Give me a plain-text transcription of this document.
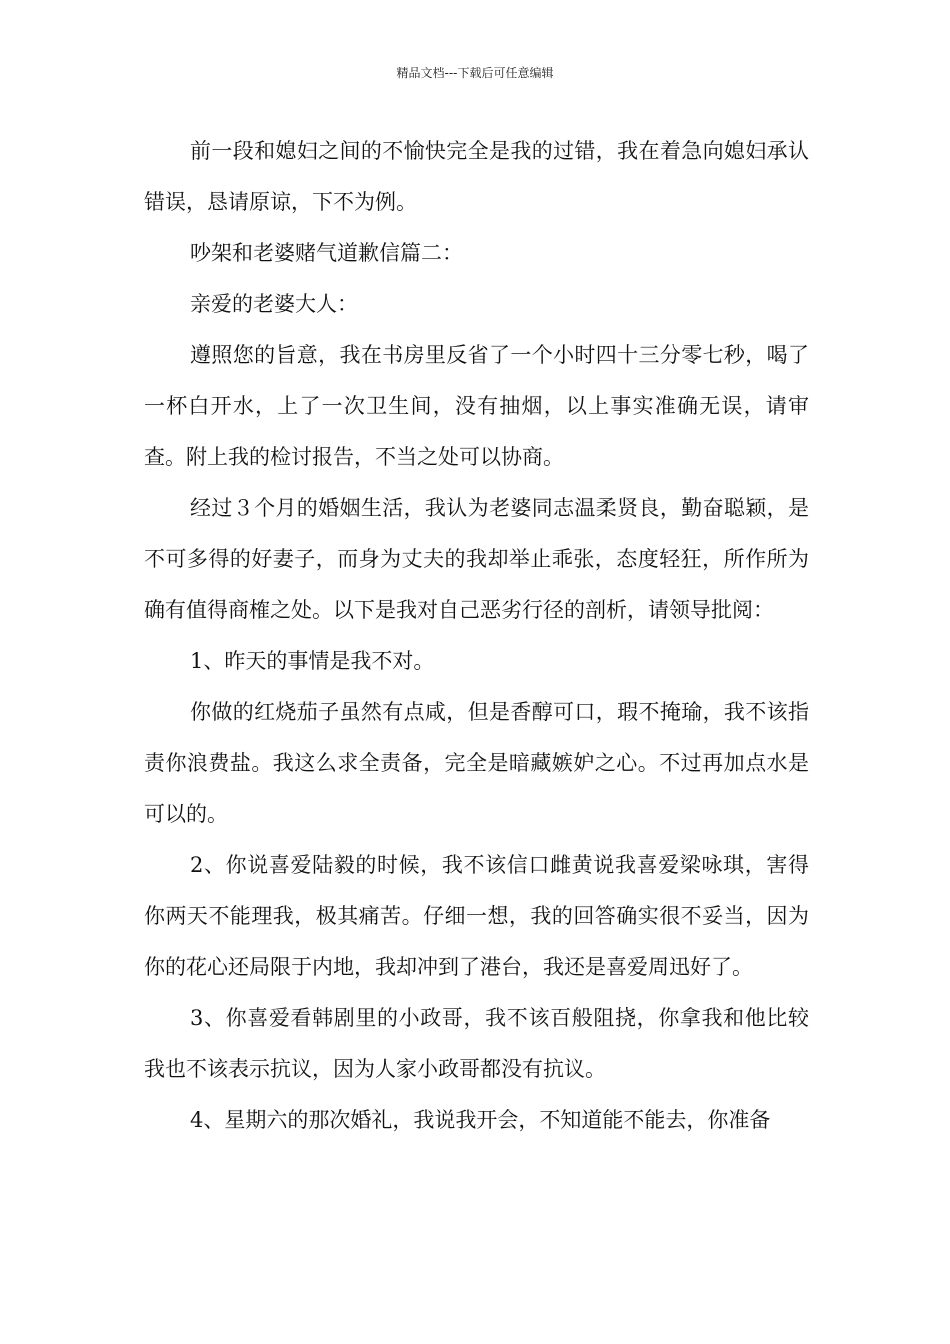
精品文档---下载后可任意编辑

前一段和媳妇之间的不愉快完全是我的过错，我在着急向媳妇承认错误，恳请原谅，下不为例。

吵架和老婆赌气道歉信篇二：

亲爱的老婆大人：

遵照您的旨意，我在书房里反省了一个小时四十三分零七秒，喝了一杯白开水，上了一次卫生间，没有抽烟，以上事实准确无误，请审查。附上我的检讨报告，不当之处可以协商。

经过３个月的婚姻生活，我认为老婆同志温柔贤良，勤奋聪颖，是不可多得的好妻子，而身为丈夫的我却举止乖张，态度轻狂，所作所为确有值得商榷之处。以下是我对自己恶劣行径的剖析，请领导批阅：

1、昨天的事情是我不对。

你做的红烧茄子虽然有点咸，但是香醇可口，瑕不掩瑜，我不该指责你浪费盐。我这么求全责备，完全是暗藏嫉妒之心。不过再加点水是可以的。

2、你说喜爱陆毅的时候，我不该信口雌黄说我喜爱梁咏琪，害得你两天不能理我，极其痛苦。仔细一想，我的回答确实很不妥当，因为你的花心还局限于内地，我却冲到了港台，我还是喜爱周迅好了。

3、你喜爱看韩剧里的小政哥，我不该百般阻挠，你拿我和他比较我也不该表示抗议，因为人家小政哥都没有抗议。

4、星期六的那次婚礼，我说我开会，不知道能不能去，你准备
